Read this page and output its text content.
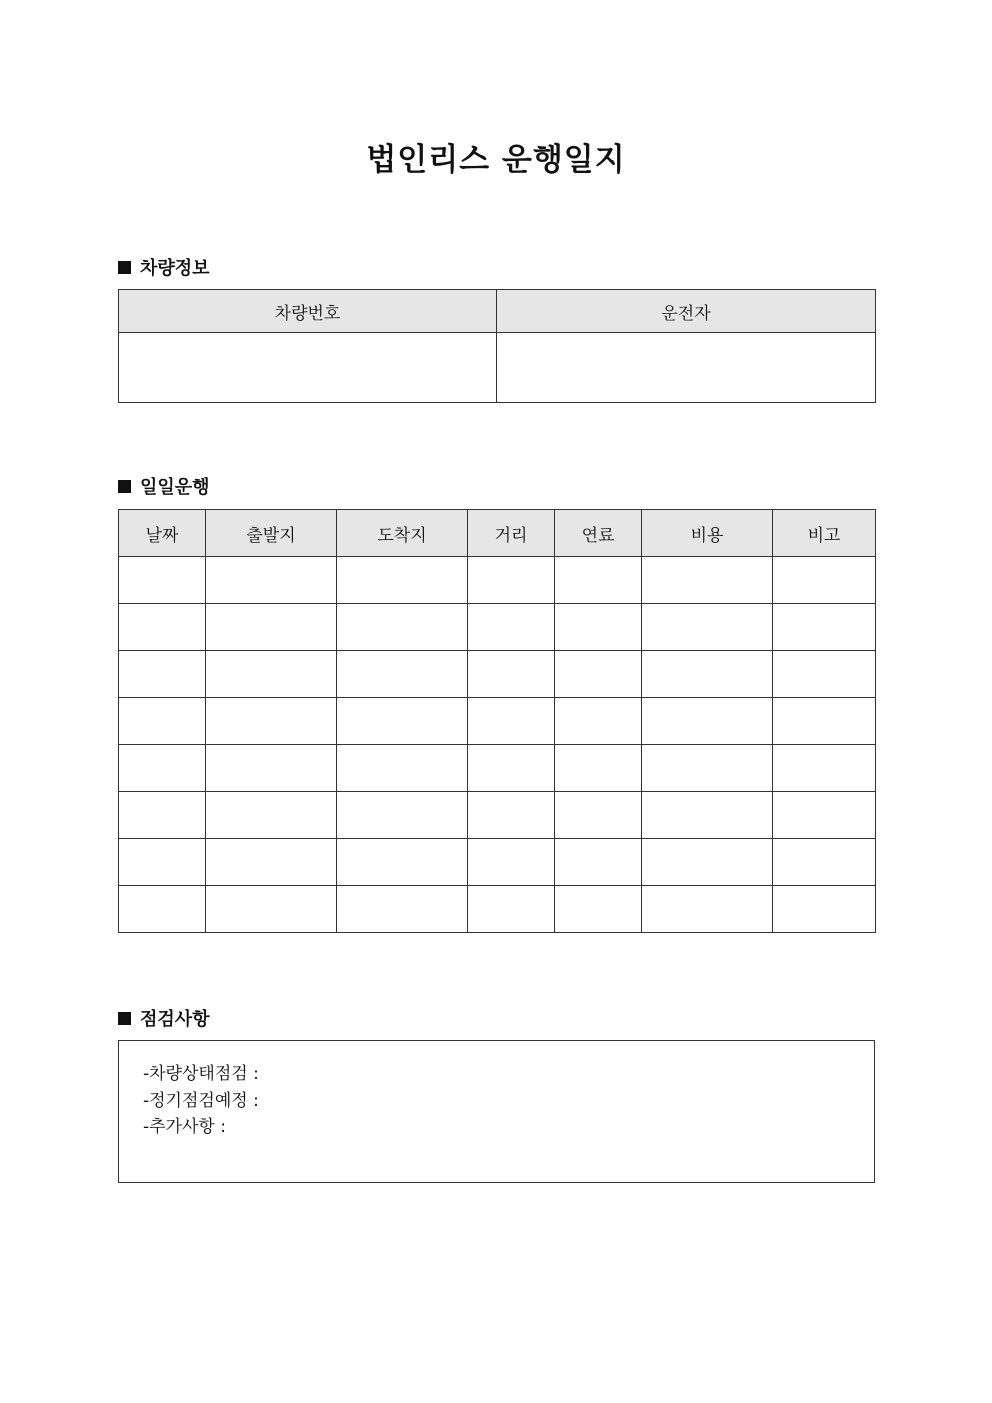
법인리스 운행일지
차량정보
차량번호	운전자

일일운행
날짜	출발지	도착지	거리	연료	비용	비고

점검사항
-차량상태점검 :
-정기점검예정 :
-추가사항 :
